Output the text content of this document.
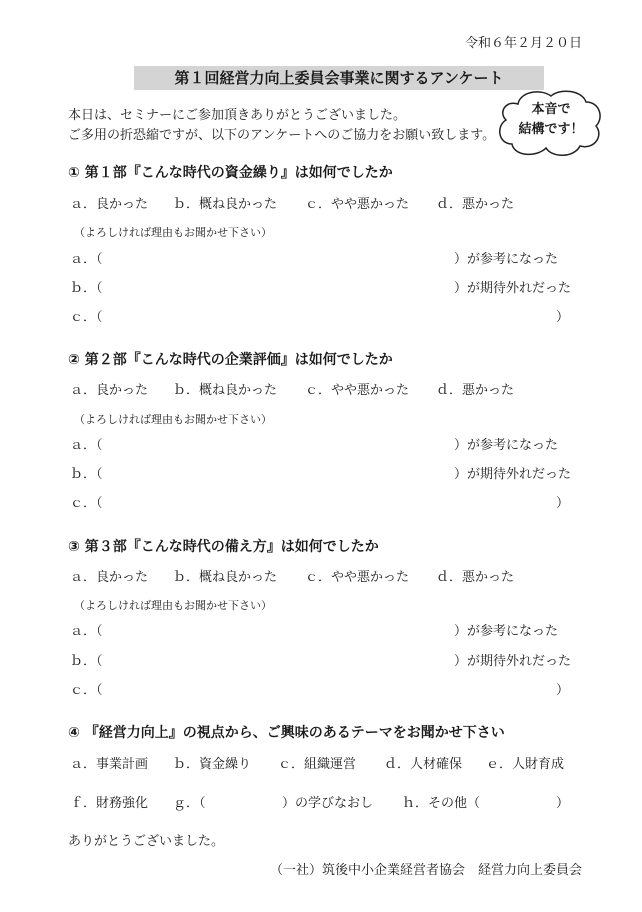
令和６年２月２０日
第１回経営力向上委員会事業に関するアンケート
本日は、セミナーにご参加頂きありがとうございました。
ご多用の折恐縮ですが、以下のアンケートへのご協力をお願い致します。
本音で
結構です！
① 第１部『こんな時代の資金繰り』は如何でしたか
ａ．良かった ｂ．概ね良かった ｃ．やや悪かった ｄ．悪かった
（よろしければ理由もお聞かせ下さい）
ａ．（	）が参考になった
ｂ．（	）が期待外れだった
ｃ．（	）
② 第２部『こんな時代の企業評価』は如何でしたか
ａ．良かった ｂ．概ね良かった ｃ．やや悪かった ｄ．悪かった
（よろしければ理由もお聞かせ下さい）
ａ．（	）が参考になった
ｂ．（	）が期待外れだった
ｃ．（	）
③ 第３部『こんな時代の備え方』は如何でしたか
ａ．良かった ｂ．概ね良かった ｃ．やや悪かった ｄ．悪かった
（よろしければ理由もお聞かせ下さい）
ａ．（	）が参考になった
ｂ．（	）が期待外れだった
ｃ．（	）
④ 『経営力向上』の視点から、ご興味のあるテーマをお聞かせ下さい
ａ．事業計画 ｂ．資金繰り ｃ．組織運営 ｄ．人材確保 ｅ．人財育成
ｆ．財務強化 ｇ．（	）の学びなおし ｈ．その他（	）
ありがとうございました。
（一社）筑後中小企業経営者協会　経営力向上委員会
